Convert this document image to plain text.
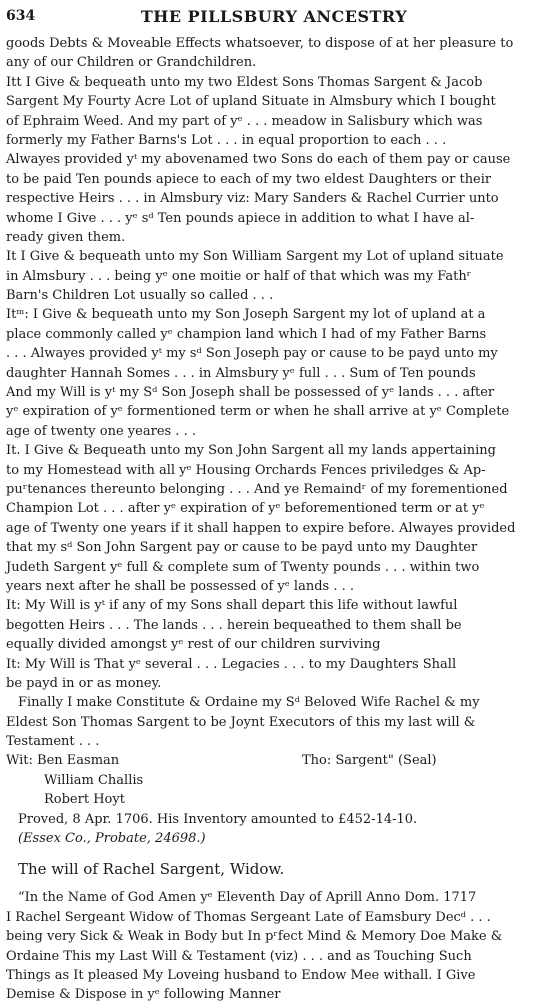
634	THE PILLSBURY ANCESTRY
goods Debts & Moveable Effects whatsoever, to dispose of at her pleasure to
any of our Children or Grandchildren.
Itt I Give & bequeath unto my two Eldest Sons Thomas Sargent & Jacob
Sargent My Fourty Acre Lot of upland Situate in Almsbury which I bought
of Ephraim Weed. And my part of yᵉ . . . meadow in Salisbury which was
formerly my Father Barns's Lot . . . in equal proportion to each . . .
Alwayes provided yᵗ my abovenamed two Sons do each of them pay or cause
to be paid Ten pounds apiece to each of my two eldest Daughters or their
respective Heirs . . . in Almsbury viz: Mary Sanders & Rachel Currier unto
whome I Give . . . yᵉ sᵈ Ten pounds apiece in addition to what I have al-
ready given them.
It I Give & bequeath unto my Son William Sargent my Lot of upland situate
in Almsbury . . . being yᵉ one moitie or half of that which was my Fathʳ
Barn's Children Lot usually so called . . .
Itᵐ: I Give & bequeath unto my Son Joseph Sargent my lot of upland at a
place commonly called yᵉ champion land which I had of my Father Barns
. . . Alwayes provided yᵗ my sᵈ Son Joseph pay or cause to be payd unto my
daughter Hannah Somes . . . in Almsbury yᵉ full . . . Sum of Ten pounds
And my Will is yᵗ my Sᵈ Son Joseph shall be possessed of yᵉ lands . . . after
yᵉ expiration of yᵉ formentioned term or when he shall arrive at yᵉ Complete
age of twenty one yeares . . .
It. I Give & Bequeath unto my Son John Sargent all my lands appertaining
to my Homestead with all yᵉ Housing Orchards Fences priviledges & Ap-
puʳtenances thereunto belonging . . . And ye Remaindʳ of my forementioned
Champion Lot . . . after yᵉ expiration of yᵉ beforementioned term or at yᵉ
age of Twenty one years if it shall happen to expire before. Alwayes provided
that my sᵈ Son John Sargent pay or cause to be payd unto my Daughter
Judeth Sargent yᵉ full & complete sum of Twenty pounds . . . within two
years next after he shall be possessed of yᵉ lands . . .
It: My Will is yᵗ if any of my Sons shall depart this life without lawful
begotten Heirs . . . The lands . . . herein bequeathed to them shall be
equally divided amongst yᵉ rest of our children surviving
It: My Will is That yᵉ several . . . Legacies . . . to my Daughters Shall
be payd in or as money.
Finally I make Constitute & Ordaine my Sᵈ Beloved Wife Rachel & my
Eldest Son Thomas Sargent to be Joynt Executors of this my last will &
Testament . . .
Wit: Ben Easman	Tho: Sargent" (Seal)
William Challis
Robert Hoyt
Proved, 8 Apr. 1706. His Inventory amounted to £452-14-10.
(Essex Co., Probate, 24698.)
The will of Rachel Sargent, Widow.
“In the Name of God Amen yᵉ Eleventh Day of Aprill Anno Dom. 1717
I Rachel Sergeant Widow of Thomas Sergeant Late of Eamsbury Decᵈ . . .
being very Sick & Weak in Body but In pʳfect Mind & Memory Doe Make &
Ordaine This my Last Will & Testament (viz) . . . and as Touching Such
Things as It pleased My Loveing husband to Endow Mee withall. I Give
Demise & Dispose in yᵉ following Manner
